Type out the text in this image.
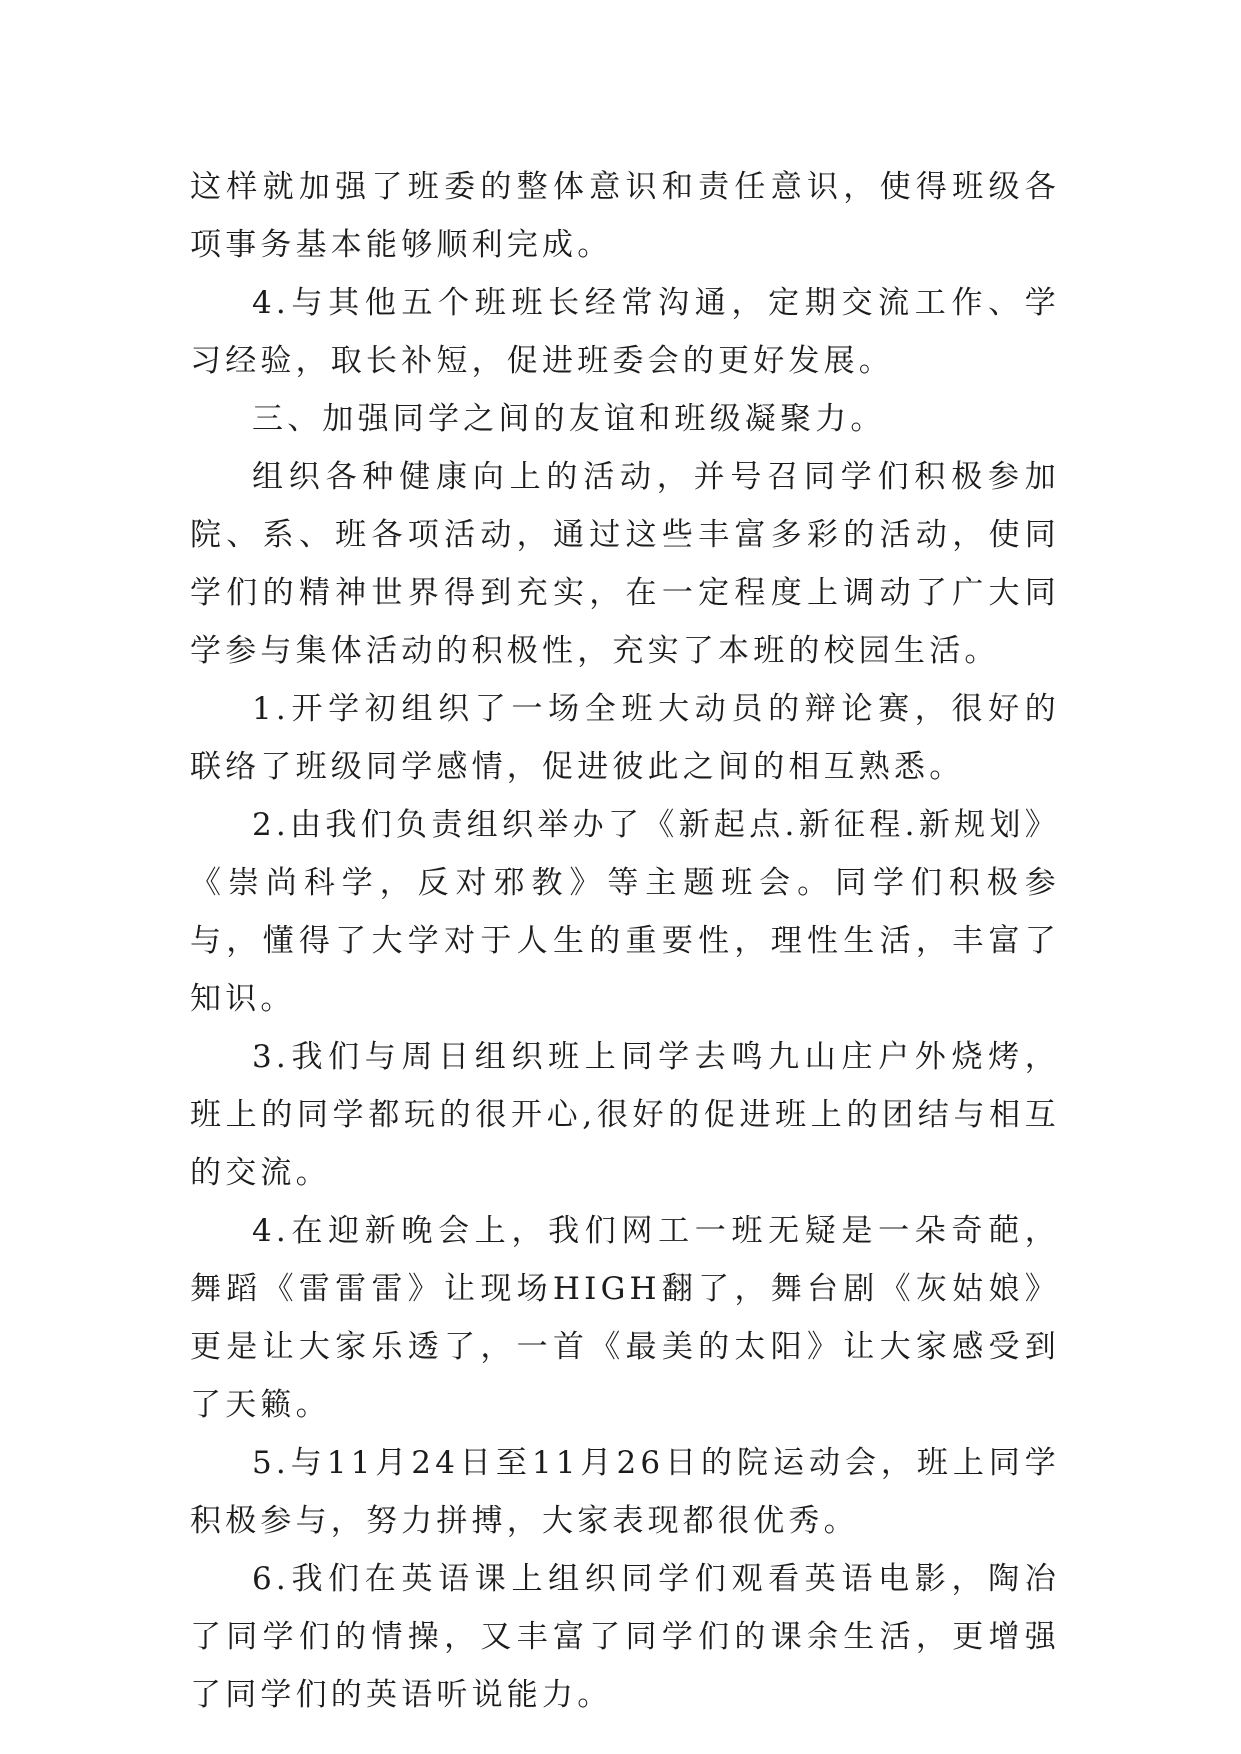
这样就加强了班委的整体意识和责任意识，使得班级各项事务基本能够顺利完成。

4.与其他五个班班长经常沟通，定期交流工作、学习经验，取长补短，促进班委会的更好发展。

三、加强同学之间的友谊和班级凝聚力。

组织各种健康向上的活动，并号召同学们积极参加院、系、班各项活动，通过这些丰富多彩的活动，使同学们的精神世界得到充实，在一定程度上调动了广大同学参与集体活动的积极性，充实了本班的校园生活。

1.开学初组织了一场全班大动员的辩论赛，很好的联络了班级同学感情，促进彼此之间的相互熟悉。

2.由我们负责组织举办了《新起点.新征程.新规划》《崇尚科学，反对邪教》等主题班会。同学们积极参与，懂得了大学对于人生的重要性，理性生活，丰富了知识。

3.我们与周日组织班上同学去鸣九山庄户外烧烤，班上的同学都玩的很开心,很好的促进班上的团结与相互的交流。

4.在迎新晚会上，我们网工一班无疑是一朵奇葩，舞蹈《雷雷雷》让现场HIGH翻了，舞台剧《灰姑娘》更是让大家乐透了，一首《最美的太阳》让大家感受到了天籁。

5.与11月24日至11月26日的院运动会，班上同学积极参与，努力拼搏，大家表现都很优秀。

6.我们在英语课上组织同学们观看英语电影，陶冶了同学们的情操，又丰富了同学们的课余生活，更增强了同学们的英语听说能力。
